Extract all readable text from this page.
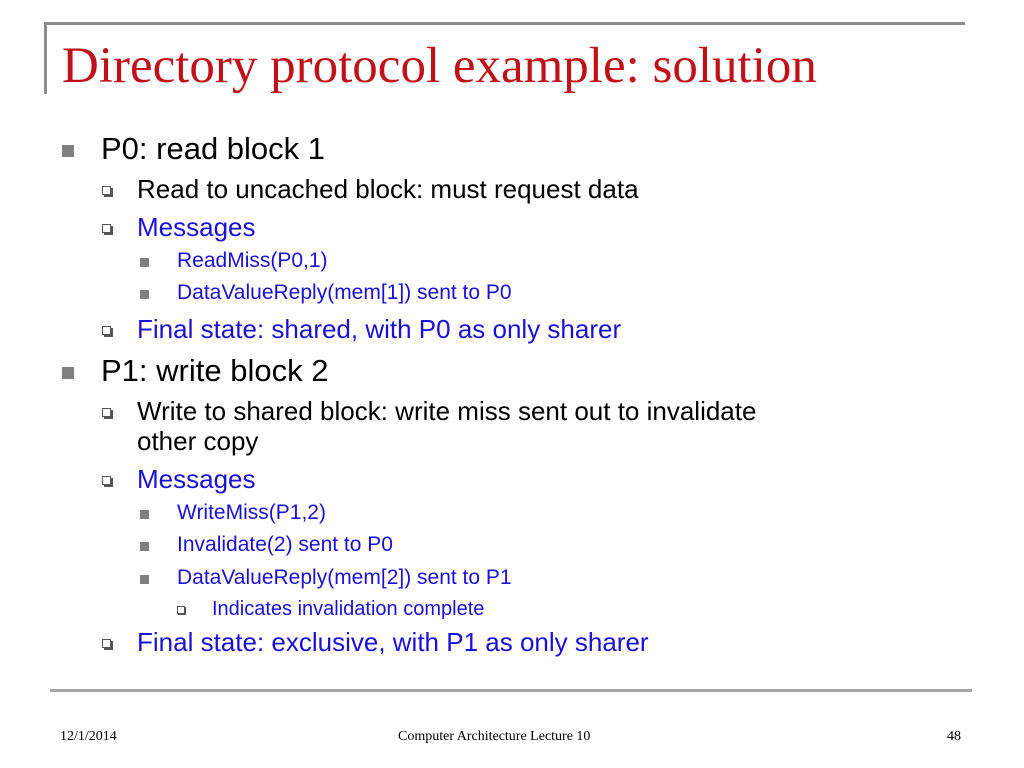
Directory protocol example: solution
P0: read block 1
Read to uncached block: must request data
Messages
ReadMiss(P0,1)
DataValueReply(mem[1]) sent to P0
Final state: shared, with P0 as only sharer
P1: write block 2
Write to shared block: write miss sent out to invalidate
other copy
Messages
WriteMiss(P1,2)
Invalidate(2) sent to P0
DataValueReply(mem[2]) sent to P1
Indicates invalidation complete
Final state: exclusive, with P1 as only sharer
12/1/2014	Computer Architecture Lecture 10	48
